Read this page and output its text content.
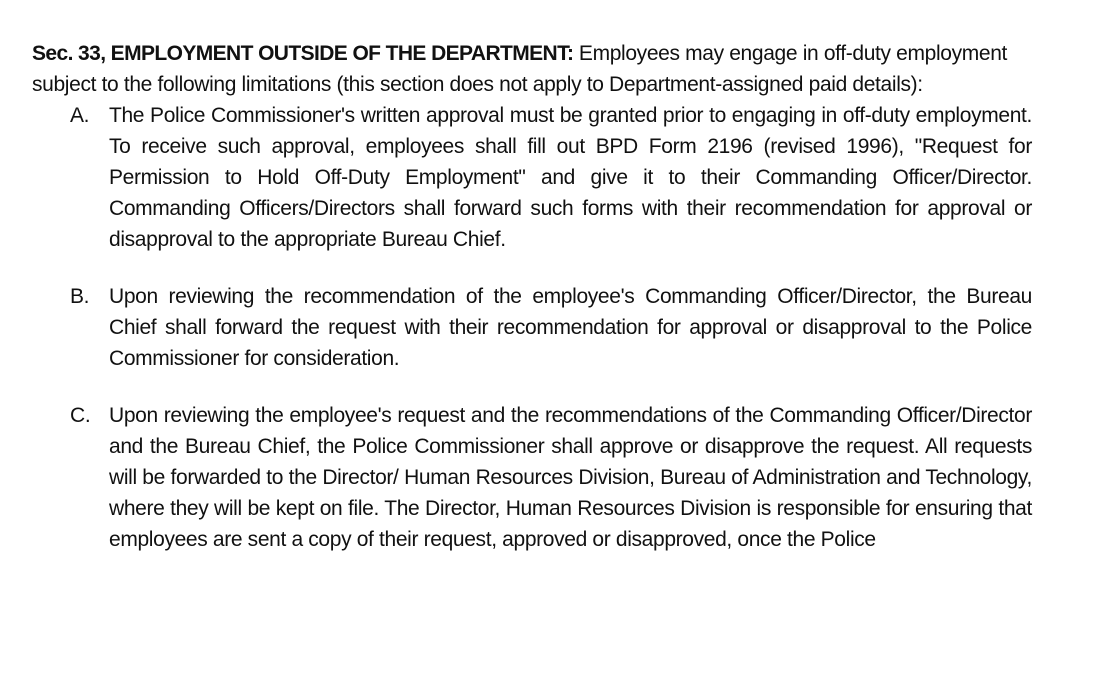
Sec. 33, EMPLOYMENT OUTSIDE OF THE DEPARTMENT: Employees may engage in off-duty employment subject to the following limitations (this section does not apply to Department-assigned paid details):

A. The Police Commissioner's written approval must be granted prior to engaging in off-duty employment. To receive such approval, employees shall fill out BPD Form 2196 (revised 1996), "Request for Permission to Hold Off-Duty Employment" and give it to their Commanding Officer/Director. Commanding Officers/Directors shall forward such forms with their recommendation for approval or disapproval to the appropriate Bureau Chief.
B. Upon reviewing the recommendation of the employee's Commanding Officer/Director, the Bureau Chief shall forward the request with their recommendation for approval or disapproval to the Police Commissioner for consideration.
C. Upon reviewing the employee's request and the recommendations of the Commanding Officer/Director and the Bureau Chief, the Police Commissioner shall approve or disapprove the request. All requests will be forwarded to the Director/ Human Resources Division, Bureau of Administration and Technology, where they will be kept on file. The Director, Human Resources Division is responsible for ensuring that employees are sent a copy of their request, approved or disapproved, once the Police
